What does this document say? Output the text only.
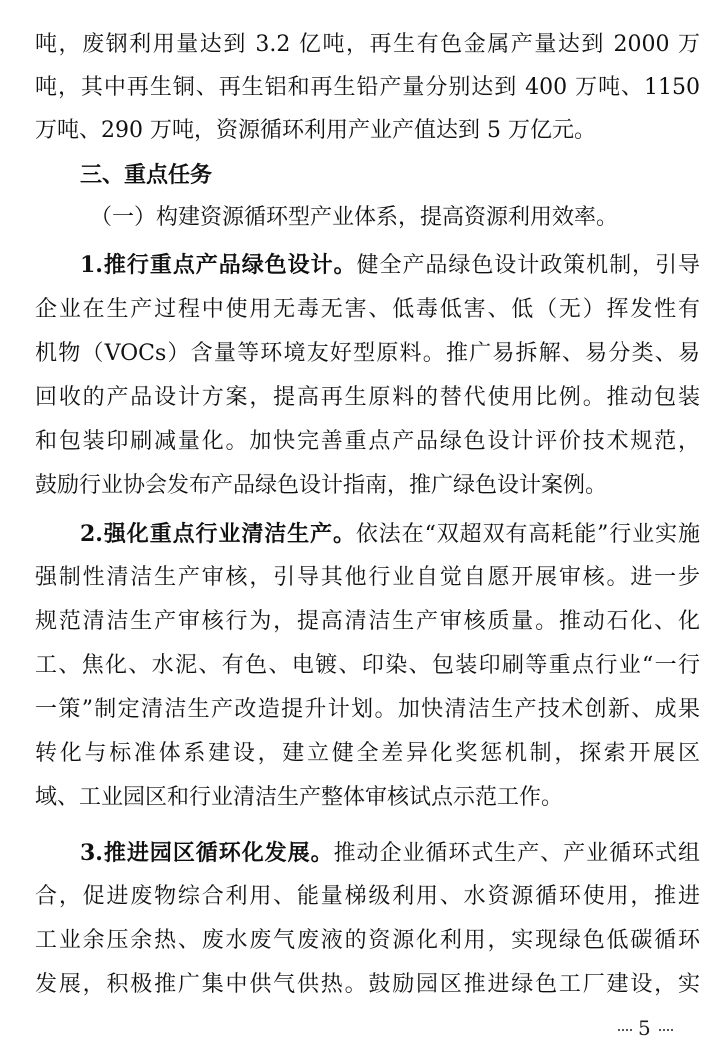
吨，废钢利用量达到 3.2 亿吨，再生有色金属产量达到 2000 万
吨，其中再生铜、再生铝和再生铅产量分别达到 400 万吨、1150
万吨、290 万吨，资源循环利用产业产值达到 5 万亿元。
三、重点任务
（一）构建资源循环型产业体系，提高资源利用效率。
1.推行重点产品绿色设计。健全产品绿色设计政策机制，引导
企业在生产过程中使用无毒无害、低毒低害、低（无）挥发性有
机物（VOCs）含量等环境友好型原料。推广易拆解、易分类、易
回收的产品设计方案，提高再生原料的替代使用比例。推动包装
和包装印刷减量化。加快完善重点产品绿色设计评价技术规范，
鼓励行业协会发布产品绿色设计指南，推广绿色设计案例。
2.强化重点行业清洁生产。依法在“双超双有高耗能”行业实施
强制性清洁生产审核，引导其他行业自觉自愿开展审核。进一步
规范清洁生产审核行为，提高清洁生产审核质量。推动石化、化
工、焦化、水泥、有色、电镀、印染、包装印刷等重点行业“一行
一策”制定清洁生产改造提升计划。加快清洁生产技术创新、成果
转化与标准体系建设，建立健全差异化奖惩机制，探索开展区
域、工业园区和行业清洁生产整体审核试点示范工作。
3.推进园区循环化发展。推动企业循环式生产、产业循环式组
合，促进废物综合利用、能量梯级利用、水资源循环使用，推进
工业余压余热、废水废气废液的资源化利用，实现绿色低碳循环
发展，积极推广集中供气供热。鼓励园区推进绿色工厂建设，实
5
